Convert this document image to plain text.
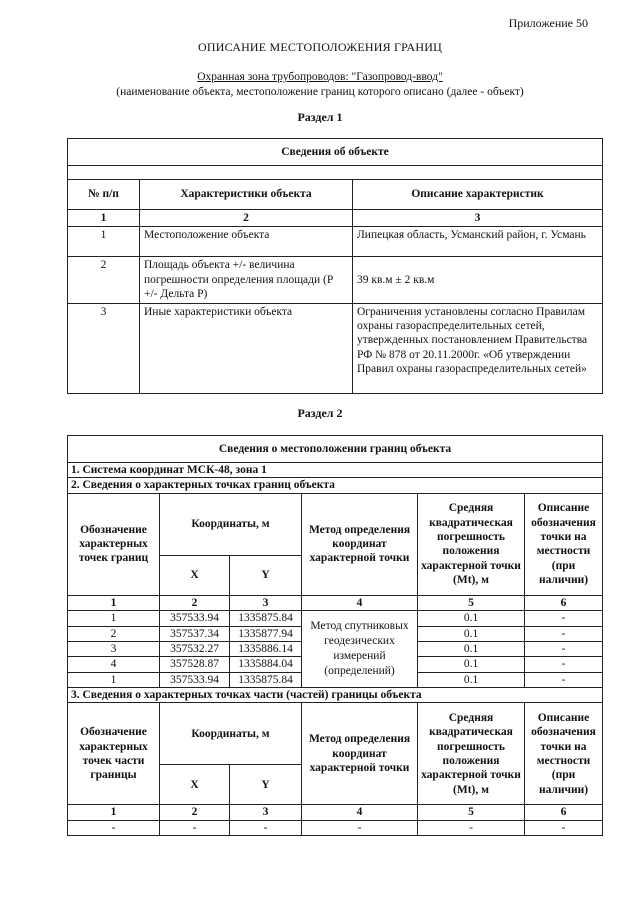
Приложение 50
ОПИСАНИЕ МЕСТОПОЛОЖЕНИЯ ГРАНИЦ
Охранная зона трубопроводов: "Газопровод-ввод"
(наименование объекта, местоположение границ которого описано (далее - объект)
Раздел 1
Сведения об объекте		

№ п/п	Характеристики объекта	Описание характеристик
1	2	3
1	Местоположение объекта	Липецкая область, Усманский район, г. Усмань
2	Площадь объекта +/- величина погрешности определения площади (Р +/- Дельта Р)	39 кв.м ± 2 кв.м
3	Иные характеристики объекта	Ограничения установлены согласно Правилам охраны газораспределительных сетей, утвержденных постановлением Правительства РФ № 878 от 20.11.2000г. «Об утверждении Правил охраны газораспределительных сетей»
Раздел 2
Сведения о местоположении границ объекта					
1. Система координат МСК-48, зона 1					
2. Сведения о характерных точках границ объекта					
Обозначение характерных точек границ	Координаты, м		Метод определения координат характерной точки	Средняя квадратическая погрешность положения характерной точки (Мt), м	Описание обозначения точки на местности (при наличии)
	X	Y			
1	2	3	4	5	6
1	357533.94	1335875.84	Метод спутниковых геодезических измерений (определений)	0.1	-
2	357537.34	1335877.94		0.1	-
3	357532.27	1335886.14		0.1	-
4	357528.87	1335884.04		0.1	-
1	357533.94	1335875.84		0.1	-
3. Сведения о характерных точках части (частей) границы объекта					
Обозначение характерных точек части границы	Координаты, м		Метод определения координат характерной точки	Средняя квадратическая погрешность положения характерной точки (Мt), м	Описание обозначения точки на местности (при наличии)
	X	Y			
1	2	3	4	5	6
-	-	-	-	-	-
